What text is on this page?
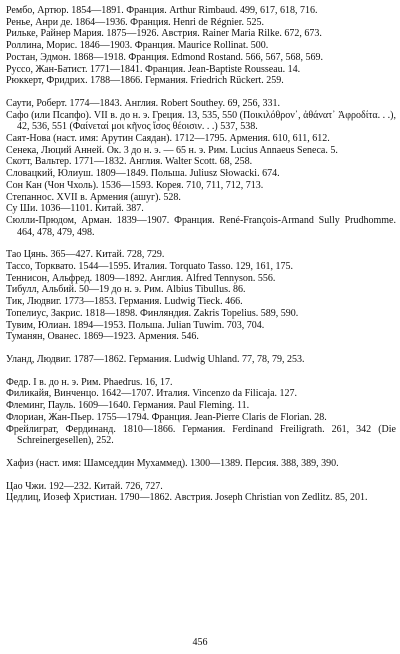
Рембо, Артюр. 1854—1891. Франция. Arthur Rimbaud. 499, 617, 618, 716.
Ренье, Анри де. 1864—1936. Франция. Henri de Régnier. 525.
Рильке, Райнер Мария. 1875—1926. Австрия. Rainer Maria Rilke. 672, 673.
Роллина, Морис. 1846—1903. Франция. Maurice Rollinat. 500.
Ростан, Эдмон. 1868—1918. Франция. Edmond Rostand. 566, 567, 568, 569.
Руссо, Жан-Батист. 1771—1841. Франция. Jean-Baptiste Rousseau. 14.
Рюккерт, Фридрих. 1788—1866. Германия. Friedrich Rückert. 259.
Саути, Роберт. 1774—1843. Англия. Robert Southey. 69, 256, 331.
Сафо (или Псапфо). VII в. до н. э. Греция. 13, 535, 550 (Ποικιλόθρον᾽, ἀθάνατ᾽ Ἀφροδίτα. . .), 42, 536, 551 (Φαίνεταί μοι κῆνος ἴσος θέοισιν. . .) 537, 538.
Саят-Нова (наст. имя: Арутин Саядан). 1712—1795. Армения. 610, 611, 612.
Сенека, Люций Анней. Ок. 3 до н. э. — 65 н. э. Рим. Lucius Annaeus Seneca. 5.
Скотт, Вальтер. 1771—1832. Англия. Walter Scott. 68, 258.
Словацкий, Юлиуш. 1809—1849. Польша. Juliusz Słowacki. 674.
Сон Кан (Чон Чхоль). 1536—1593. Корея. 710, 711, 712, 713.
Степаннос. XVII в. Армения (ашуг). 528.
Су Ши. 1036—1101. Китай. 387.
Сюлли-Прюдом, Арман. 1839—1907. Франция. René-François-Armand Sully Prudhomme. 464, 478, 479, 498.
Тао Цянь. 365—427. Китай. 728, 729.
Тассо, Торквато. 1544—1595. Италия. Torquato Tasso. 129, 161, 175.
Теннисон, Альфред. 1809—1892. Англия. Alfred Tennyson. 556.
Тибулл, Альбий. 50—19 до н. э. Рим. Albius Tibullus. 86.
Тик, Людвиг. 1773—1853. Германия. Ludwig Tieck. 466.
Топелиус, Закрис. 1818—1898. Финляндия. Zakris Topelius. 589, 590.
Тувим, Юлиан. 1894—1953. Польша. Julian Tuwim. 703, 704.
Туманян, Ованес. 1869—1923. Армения. 546.
Уланд, Людвиг. 1787—1862. Германия. Ludwig Uhland. 77, 78, 79, 253.
Федр. I в. до н. э. Рим. Phaedrus. 16, 17.
Филикайя, Винченцо. 1642—1707. Италия. Vincenzo da Filicaja. 127.
Флеминг, Пауль. 1609—1640. Германия. Paul Fleming. 11.
Флориан, Жан-Пьер. 1755—1794. Франция. Jean-Pierre Claris de Florian. 28.
Фрейлиграт, Фердинанд. 1810—1866. Германия. Ferdinand Freiligrath. 261, 342 (Die Schreinergesellen), 252.
Хафиз (наст. имя: Шамседдин Мухаммед). 1300—1389. Персия. 388, 389, 390.
Цао Чжи. 192—232. Китай. 726, 727.
Цедлиц, Иозеф Христиан. 1790—1862. Австрия. Joseph Christian von Zedlitz. 85, 201.
456
